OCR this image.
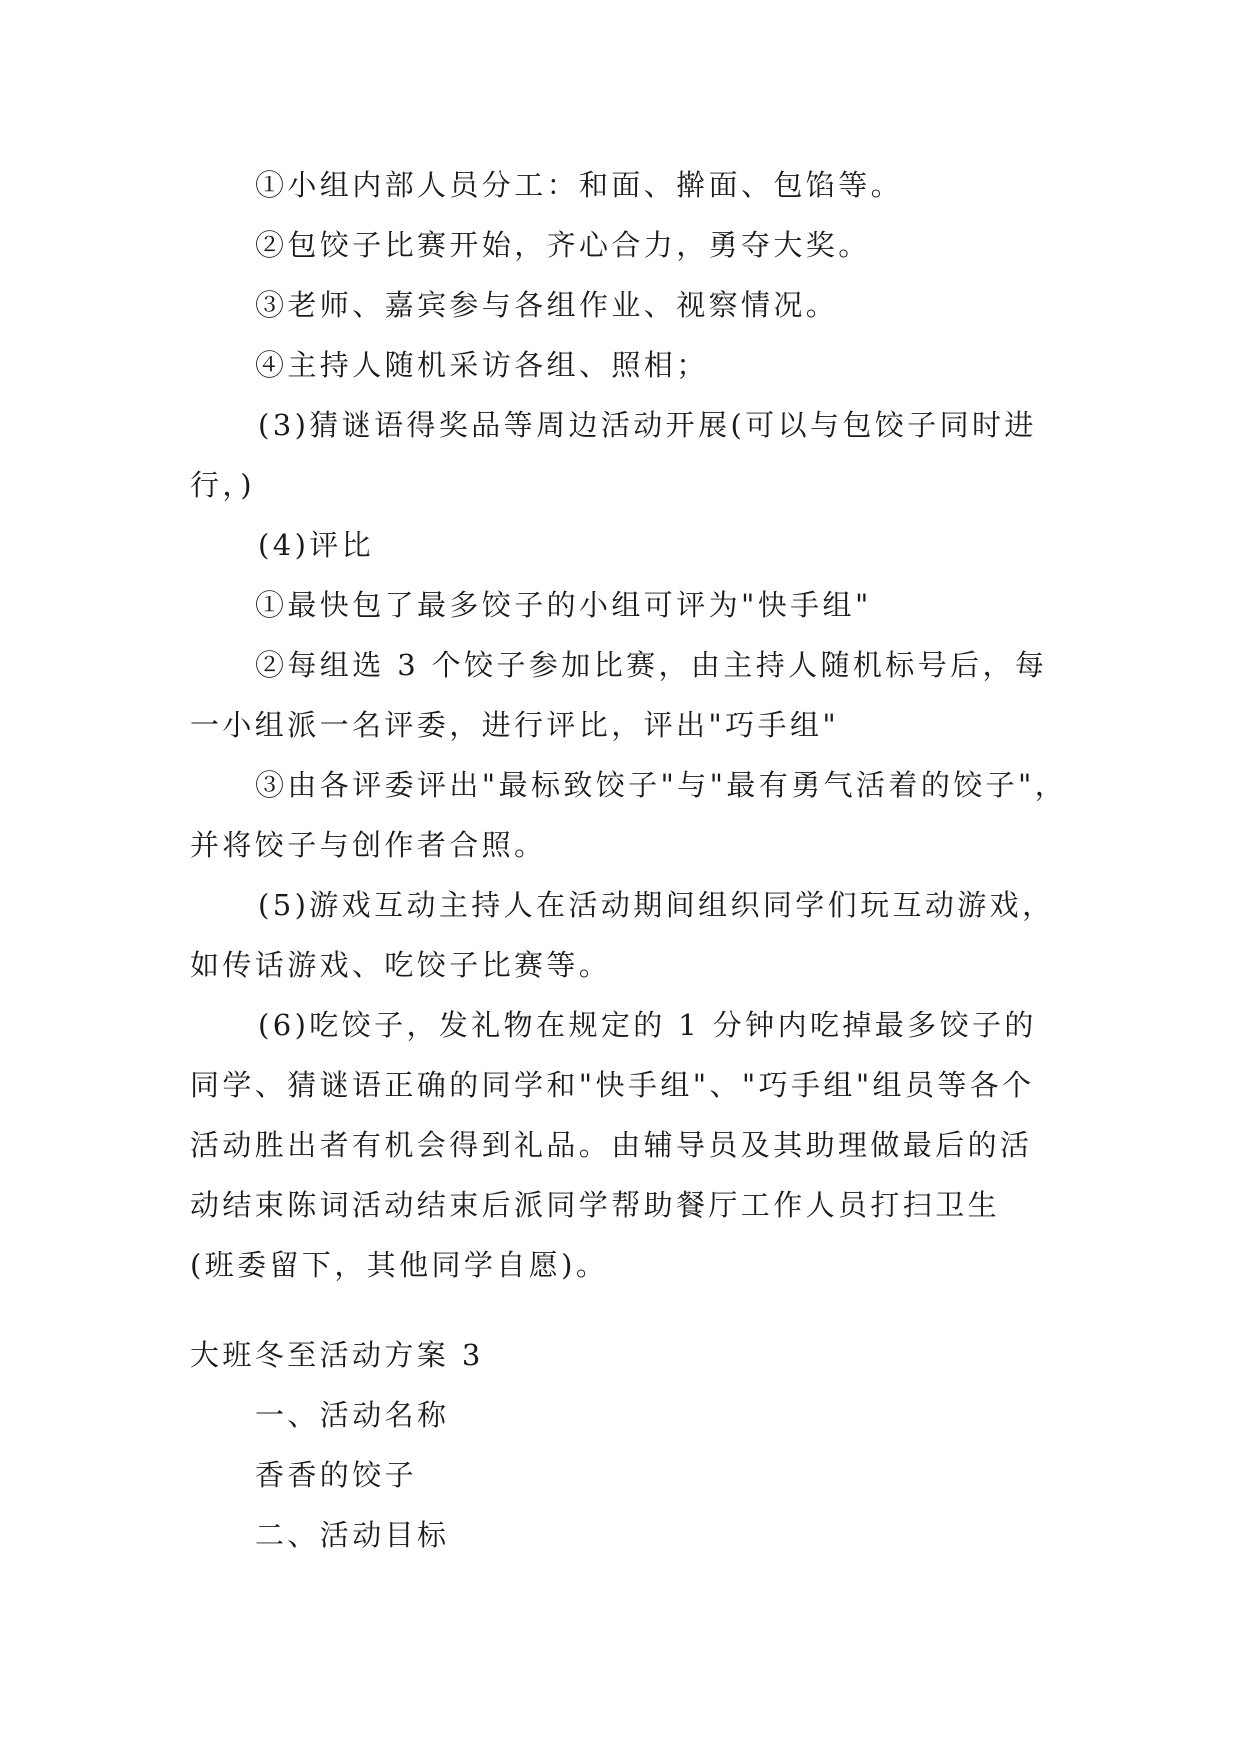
①小组内部人员分工：和面、擀面、包馅等。
②包饺子比赛开始，齐心合力，勇夺大奖。
③老师、嘉宾参与各组作业、视察情况。
④主持人随机采访各组、照相；
(3)猜谜语得奖品等周边活动开展(可以与包饺子同时进
行，)
(4)评比
①最快包了最多饺子的小组可评为"快手组"
②每组选 3 个饺子参加比赛，由主持人随机标号后，每
一小组派一名评委，进行评比，评出"巧手组"
③由各评委评出"最标致饺子"与"最有勇气活着的饺子"，
并将饺子与创作者合照。
(5)游戏互动主持人在活动期间组织同学们玩互动游戏，
如传话游戏、吃饺子比赛等。
(6)吃饺子，发礼物在规定的 1 分钟内吃掉最多饺子的
同学、猜谜语正确的同学和"快手组"、"巧手组"组员等各个
活动胜出者有机会得到礼品。由辅导员及其助理做最后的活
动结束陈词活动结束后派同学帮助餐厅工作人员打扫卫生
(班委留下，其他同学自愿)。
大班冬至活动方案 3
一、活动名称
香香的饺子
二、活动目标
